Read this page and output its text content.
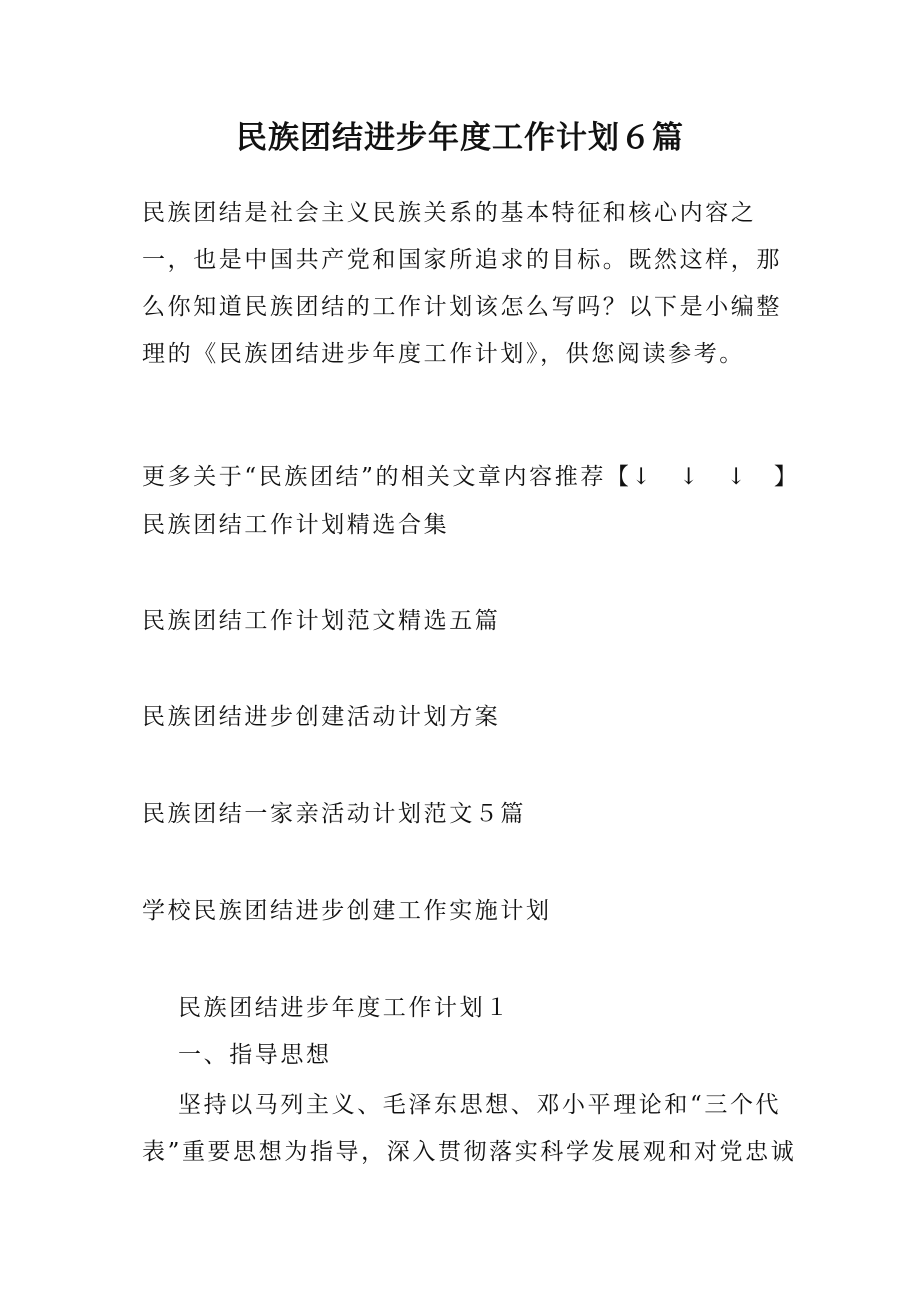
民族团结进步年度工作计划６篇
民族团结是社会主义民族关系的基本特征和核心内容之一，也是中国共产党和国家所追求的目标。既然这样，那么你知道民族团结的工作计划该怎么写吗？以下是小编整理的《民族团结进步年度工作计划》，供您阅读参考。
更多关于“民族团结”的相关文章内容推荐【↓　↓　↓　】
民族团结工作计划精选合集
民族团结工作计划范文精选五篇
民族团结进步创建活动计划方案
民族团结一家亲活动计划范文５篇
学校民族团结进步创建工作实施计划
民族团结进步年度工作计划１
一、指导思想
坚持以马列主义、毛泽东思想、邓小平理论和“三个代
表”重要思想为指导，深入贯彻落实科学发展观和对党忠诚
